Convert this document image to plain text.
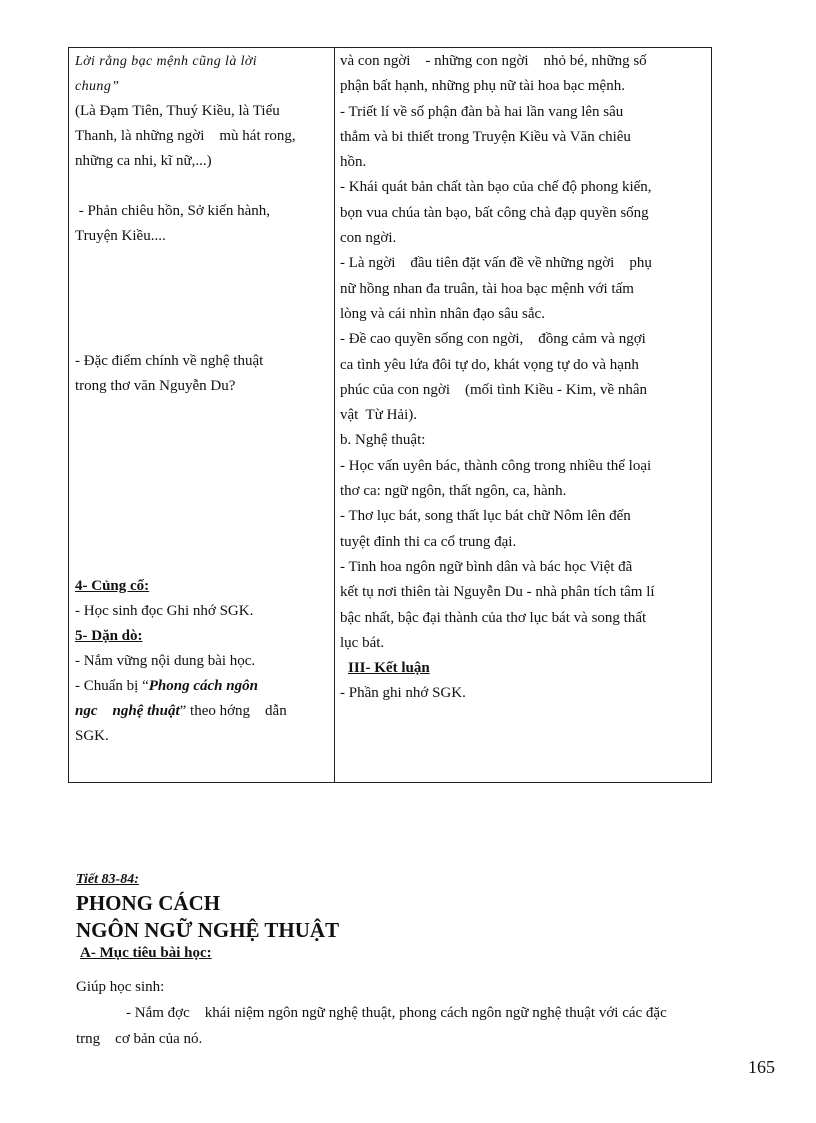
Lời rằng bạc mệnh cũng là lời
chung”
(Là Đạm Tiên, Thuý Kiều, là Tiểu
Thanh, là những ngời    mù hát rong,
những ca nhi, kĩ nữ,...)
- Phản chiêu hồn, Sở kiến hành,
Truyện Kiều....
- Đặc điểm chính về nghệ thuật
trong thơ văn Nguyễn Du?
4- Củng cố:
- Học sinh đọc Ghi nhớ SGK.
5- Dặn dò:
- Nắm vững nội dung bài học.
- Chuẩn bị “Phong cách ngôn
ngc    nghệ thuật” theo hớng    dẫn
SGK.
và con ngời    - những con ngời    nhỏ bé, những số
phận bất hạnh, những phụ nữ tài hoa bạc mệnh.
- Triết lí về số phận đàn bà hai lần vang lên sâu
thẳm và bi thiết trong Truyện Kiều và Văn chiêu
hồn.
- Khái quát bản chất tàn bạo của chế độ phong kiến,
bọn vua chúa tàn bạo, bất công chà đạp quyền sống
con ngời.
- Là ngời    đầu tiên đặt vấn đề về những ngời    phụ
nữ hồng nhan đa truân, tài hoa bạc mệnh với tấm
lòng và cái nhìn nhân đạo sâu sắc.
- Đề cao quyền sống con ngời,    đồng cảm và ngợi
ca tình yêu lứa đôi tự do, khát vọng tự do và hạnh
phúc của con ngời    (mối tình Kiều - Kim, về nhân
vật  Từ Hải).
b. Nghệ thuật:
- Học vấn uyên bác, thành công trong nhiều thể loại
thơ ca: ngữ ngôn, thất ngôn, ca, hành.
- Thơ lục bát, song thất lục bát chữ Nôm lên đến
tuyệt đỉnh thi ca cổ trung đại.
- Tinh hoa ngôn ngữ bình dân và bác học Việt đã
kết tụ nơi thiên tài Nguyễn Du - nhà phân tích tâm lí
bậc nhất, bậc đại thành của thơ lục bát và song thất
lục bát.
III- Kết luận
- Phần ghi nhớ SGK.
Tiết 83-84:
PHONG CÁCH
NGÔN NGỮ NGHỆ THUẬT
A- Mục tiêu bài học:
Giúp học sinh:
- Nắm đợc    khái niệm ngôn ngữ nghệ thuật, phong cách ngôn ngữ nghệ thuật với các đặc
trng    cơ bản của nó.
165
